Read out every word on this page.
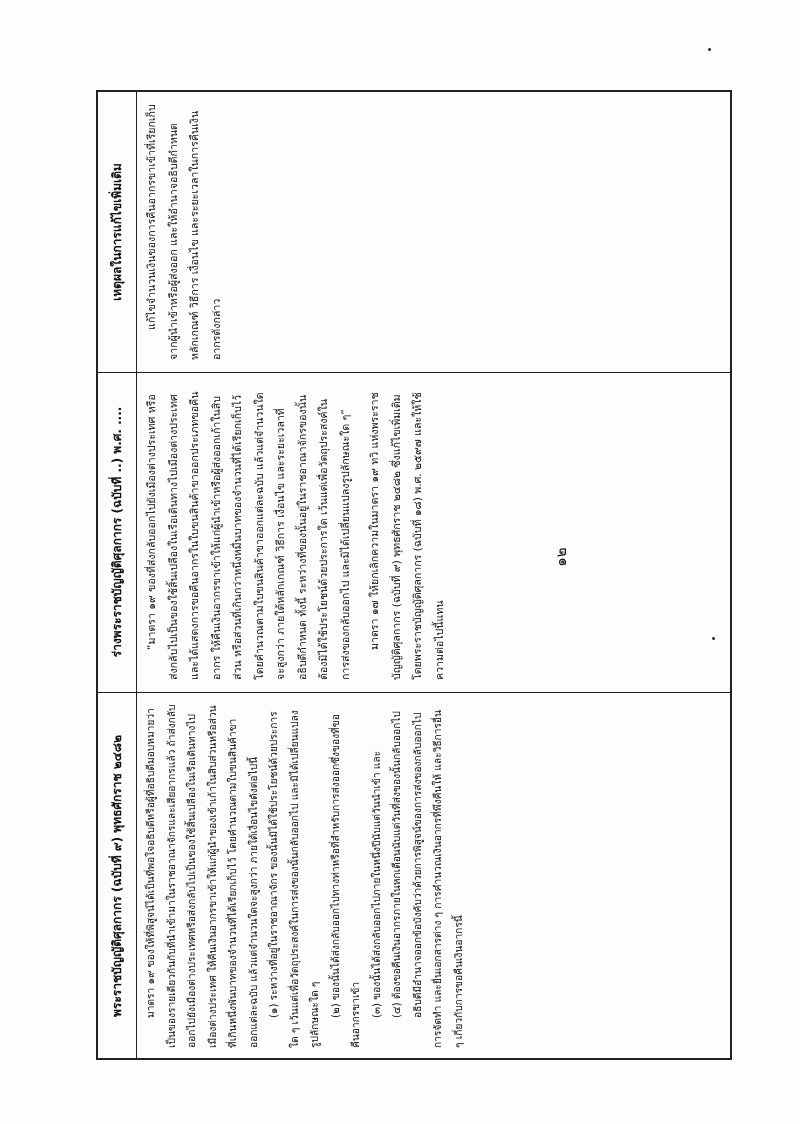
๑๒
เหตุผลในการแก้ไขเพิ่มเติม
ร่างพระราชบัญญัติศุลกากร (ฉบับที่ ..) พ.ศ. ....
พระราชบัญญัติศุลกากร (ฉบับที่ ๙) พุทธศักราช ๒๔๘๒

แก้ไขจำนวนเงินของการคืนอากรขาเข้าที่เรียกเก็บจากผู้นำเข้าหรือผู้ส่งออก และให้อำนาจอธิบดีกำหนดหลักเกณฑ์ วิธีการ เงื่อนไข และระยะเวลาในการคืนเงินอากรดังกล่าว

“มาตรา ๑๙ ของที่ส่งกลับออกไปยังเมืองต่างประเทศ หรือส่งกลับไปเป็นของใช้สิ้นเปลืองในเรือเดินทางไปเมืองต่างประเทศ และได้แสดงการขอคืนอากรในใบขนสินค้าขาออกประเภทขอคืนอากร ให้คืนเงินอากรขาเข้าให้แก่ผู้นำเข้าหรือผู้ส่งออกเก้าในสิบส่วน หรือส่วนที่เกินกว่าหนึ่งหมื่นบาทของจำนวนที่ได้เรียกเก็บไว้ โดยคำนวณตามใบขนสินค้าขาออกแต่ละฉบับ แล้วแต่จำนวนใดจะสูงกว่า ภายใต้หลักเกณฑ์ วิธีการ เงื่อนไข และระยะเวลาที่อธิบดีกำหนด ทั้งนี้ ระหว่างที่ของนั้นอยู่ในราชอาณาจักรของนั้นต้องมิได้ใช้ประโยชน์ด้วยประการใด เว้นแต่เพื่อวัตถุประสงค์ในการส่งของกลับออกไป และมิได้เปลี่ยนแปลงรูปลักษณะใด ๆ”	มาตรา ๑๗ ให้ยกเลิกความในมาตรา ๑๙ ทวิ แห่งพระราชบัญญัติศุลกากร (ฉบับที่ ๙) พุทธศักราช ๒๔๘๒ ซึ่งแก้ไขเพิ่มเติมโดยพระราชบัญญัติศุลกากร (ฉบับที่ ๑๘) พ.ศ. ๒๕๙๗ และให้ใช้ความต่อไปนี้แทน

มาตรา ๑๙ ของให้ที่พิสูจน์ได้เป็นที่พอใจอธิบดีหรือผู้ที่อธิบดีมอบหมายว่าเป็นของรายเดียวกันกับที่นำเข้ามาในราชอาณาจักรและเสียอากรแล้ว ถ้าส่งกลับออกไปยังเมืองต่างประเทศหรือส่งกลับไปเป็นของใช้สิ้นเปลืองในเรือเดินทางไปเมืองต่างประเทศ ให้คืนเงินอากรขาเข้าให้แก่ผู้นำของเข้าเก้าในสิบส่วนหรือส่วนที่เกินหนึ่งพันบาทของจำนวนที่ได้เรียกเก็บไว้ โดยคำนวณตามใบขนสินค้าขาออกแต่ละฉบับ แล้วแต่จำนวนใดจะสูงกว่า ภายใต้เงื่อนไขดังต่อไปนี้ (๑) ระหว่างที่อยู่ในราชอาณาจักร ของนั้นมิได้ใช้ประโยชน์ด้วยประการใด ๆ เว้นแต่เพื่อวัตถุประสงค์ในการส่งของนั้นกลับออกไป และมิได้เปลี่ยนแปลงรูปลักษณะใด ๆ (๒) ของนั้นได้ส่งกลับออกไปทางท่าหรือที่สำหรับการส่งออกซึ่งของที่ขอคืนอากรขาเข้า (๓) ของนั้นได้ส่งกลับออกไปภายในหนึ่งปีนับแต่วันนำเข้า และ (๔) ต้องขอคืนเงินอากรภายในหกเดือนนับแต่วันที่ส่งของนั้นกลับออกไป อธิบดีมีอำนาจออกข้อบังคับว่าด้วยการพิสูจน์ของการส่งของกลับออกไป การจัดทำ และยื่นเอกสารต่าง ๆ การคำนวณเงินอากรที่พึงคืนให้ และวิธีการอื่น ๆ เกี่ยวกับการขอคืนเงินอากรนี้
